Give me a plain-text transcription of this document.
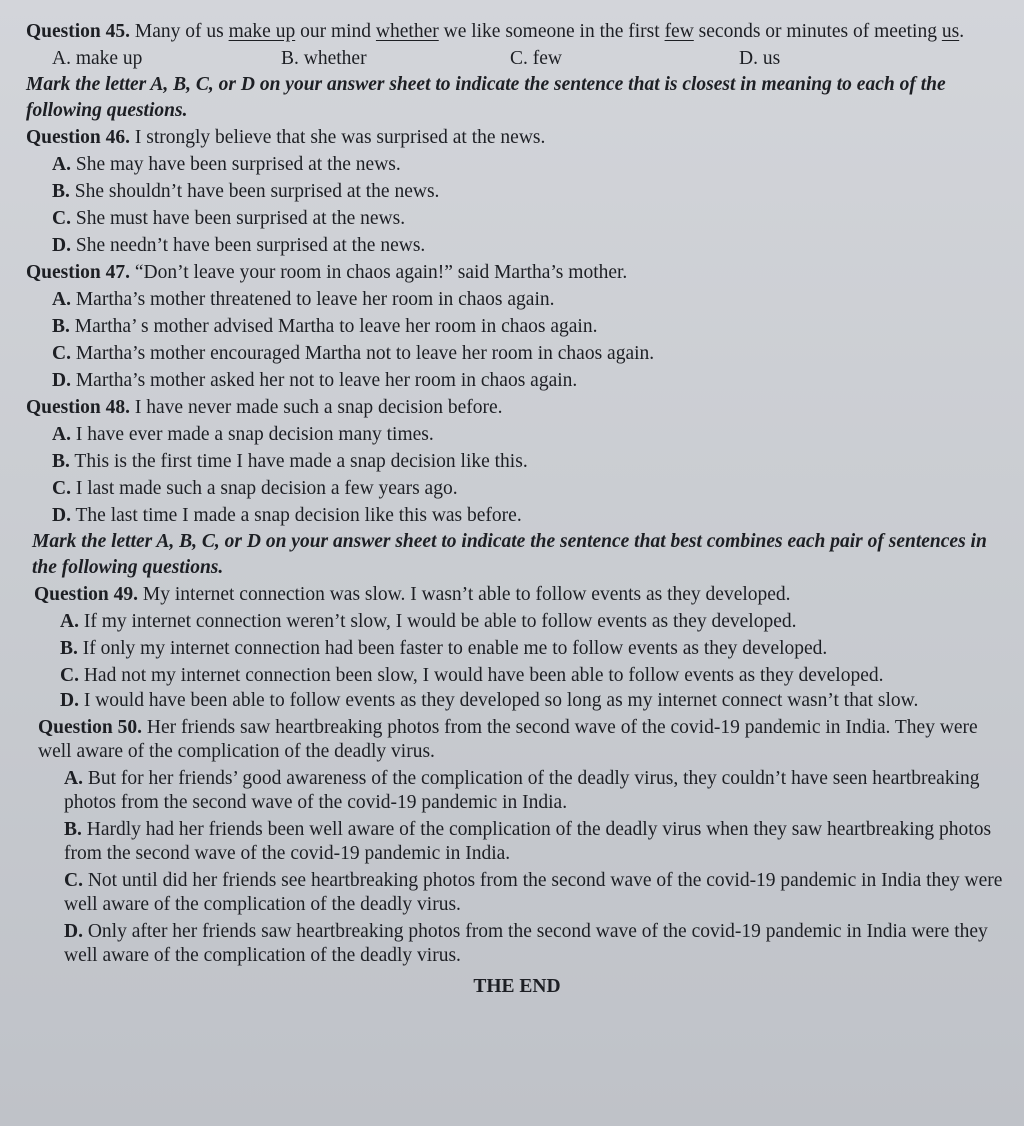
Question 45. Many of us make up our mind whether we like someone in the first few seconds or minutes of meeting us.
A. make up	B. whether	C. few	D. us
Mark the letter A, B, C, or D on your answer sheet to indicate the sentence that is closest in meaning to each of the following questions.
Question 46. I strongly believe that she was surprised at the news.
A. She may have been surprised at the news.
B. She shouldn’t have been surprised at the news.
C. She must have been surprised at the news.
D. She needn’t have been surprised at the news.
Question 47. “Don’t leave your room in chaos again!” said Martha’s mother.
A. Martha’s mother threatened to leave her room in chaos again.
B. Martha’ s mother advised Martha to leave her room in chaos again.
C. Martha’s mother encouraged Martha not to leave her room in chaos again.
D. Martha’s mother asked her not to leave her room in chaos again.
Question 48. I have never made such a snap decision before.
A. I have ever made a snap decision many times.
B. This is the first time I have made a snap decision like this.
C. I last made such a snap decision a few years ago.
D. The last time I made a snap decision like this was before.
Mark the letter A, B, C, or D on your answer sheet to indicate the sentence that best combines each pair of sentences in the following questions.
Question 49. My internet connection was slow. I wasn’t able to follow events as they developed.
A. If my internet connection weren’t slow, I would be able to follow events as they developed.
B. If only my internet connection had been faster to enable me to follow events as they developed.
C. Had not my internet connection been slow, I would have been able to follow events as they developed.
D. I would have been able to follow events as they developed so long as my internet connect wasn’t that slow.
Question 50. Her friends saw heartbreaking photos from the second wave of the covid-19 pandemic in India. They were well aware of the complication of the deadly virus.
A. But for her friends’ good awareness of the complication of the deadly virus, they couldn’t have seen heartbreaking photos from the second wave of the covid-19 pandemic in India.
B. Hardly had her friends been well aware of the complication of the deadly virus when they saw heartbreaking photos from the second wave of the covid-19 pandemic in India.
C. Not until did her friends see heartbreaking photos from the second wave of the covid-19 pandemic in India they were well aware of the complication of the deadly virus.
D. Only after her friends saw heartbreaking photos from the second wave of the covid-19 pandemic in India were they well aware of the complication of the deadly virus.
THE END
